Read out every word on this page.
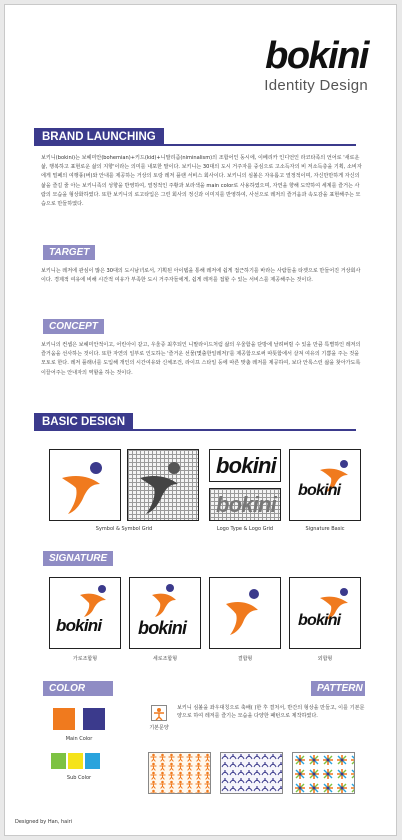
bokini
Identity Design
BRAND LAUNCHING
보키니(bokini)는 보헤미안(bohemian)+키드(kid)+니말리즘(niminalism)의 조합어인 동시에, 이베리카 인디언인 라코타족의 언어로 '새로운 삶, 행복하고 표현로운 삶의 지향'이라는 의미를 내포한 말이다. 보키니는 30대의 도시 거주자를 중심으로 고소득자의 비 저소득층을 기획, 소비자에게 밀페의 여행풍(버)와 안내를 제공하는 거상의 토랑 레저 플랜 서비스 회사이다. 보키니의 심볼은 자유롭고 열정적이며, 자신만만하게 자신의 삶을 즐길 줄 아는 보키니족의 성향을 반영하여, 열정적인 주황과 보라색을 main color로 사용하였으며, 자연을 향해 도약하여 세계를 즐거는 사람의 모습을 형상화하였다. 또한 보키니의 로고타입은 그린 회사의 정신과 이미지를 반영하여, 사선으로 레저의 즐거움과 속도감을 표현해주는 모습으로 만들하였다.
TARGET
보키니는 레저에 관심이 많은 30대의 도시남녀로서, 기획된 아이템을 통해 레저에 쉽게 접근하기를 바라는 사람들을 타겟으로 만들어진 거상회사이다. 경제적 여유에 비해 시간적 여유가 부족한 도시 거주자들에게, 쉽게 레저를 접할 수 있는 서비스를 제공해주는 것이다.
CONCEPT
보키니의 컨셉은 보헤미안적이고, 어린아이 같고, 우울증 최후되인 니말라이드처럼 삶의 우울함을 단방에 날려버릴 수 있을 만큼 특별하인 레저의 즐거움을 선사하는 것이다. 또한 자연의 일부로 인도하는 '즐거운 선물(몇출한일레저)'를 제공함으로써 따뜻함에서 살져 여유의 기쁨을 주는 것을 모토로 한다. 레저 플래너를 도입해 개인의 시간여유와 신체조건, 라이프 스타일 등에 따른 맞춤 레저를 제공하여, 보다 안록스런 삶을 찾아가도록 이끌어주는 안내자의 역할을 하는 것이다.
BASIC DESIGN
Symbol & Symbol Grid
bokini
bokini
Logo Type & Logo Grid
bokini
Signature Basic
SIGNATURE
bokini
가로조합형
bokini
세로조합형	결합형
bokini
외합형
COLOR
Main Color
Sub Color
PATTERN
기본문양
보키니 심볼을 좌우대칭으로 축배( )한 후 결처서, 반간의 형상을 만들고, 이를 기본문양으로 하여 레저를 즐기는 모습을 다양한 패턴으로 제작하였다.
Designed by Han, hairi
